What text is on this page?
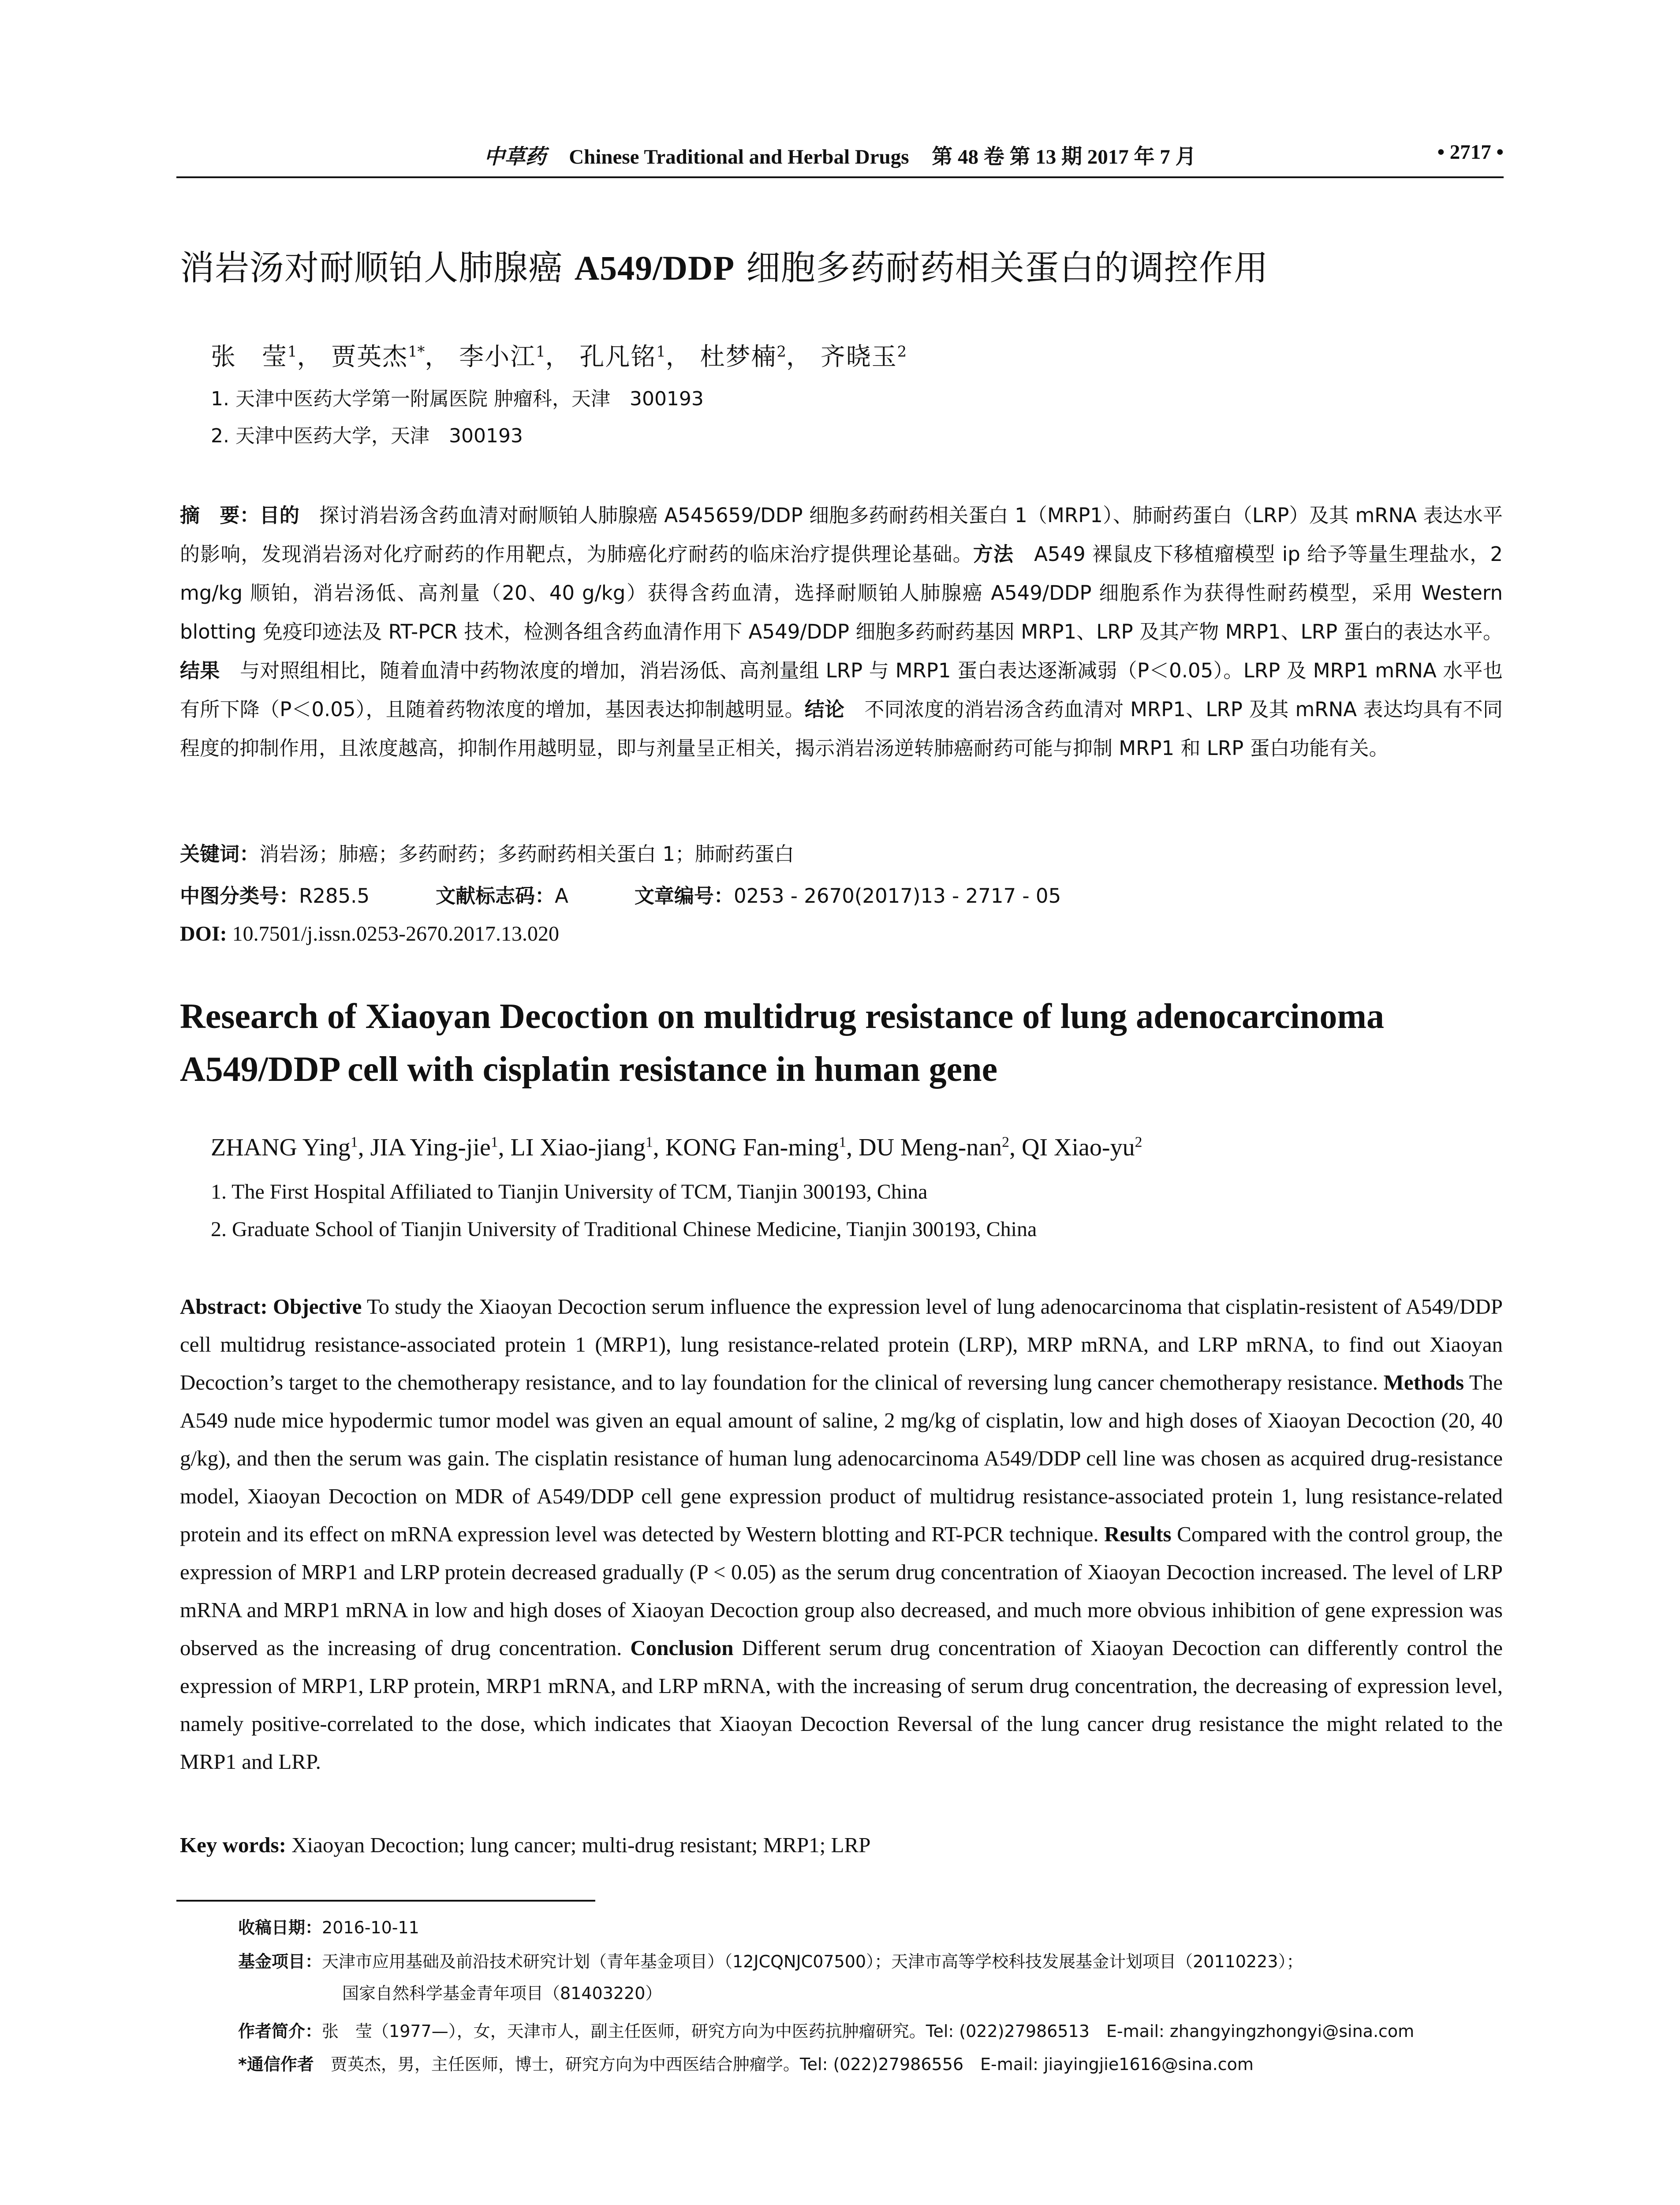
中草药 Chinese Traditional and Herbal Drugs 第 48 卷 第 13 期 2017 年 7 月	• 2717 •
消岩汤对耐顺铂人肺腺癌 A549/DDP 细胞多药耐药相关蛋白的调控作用
张　莹$^1$， 贾英杰$^{1*}$， 李小江$^1$， 孔凡铭$^1$， 杜梦楠$^2$， 齐晓玉$^2$
1. 天津中医药大学第一附属医院 肿瘤科，天津　300193
2. 天津中医药大学，天津　300193
摘　要：目的　探讨消岩汤含药血清对耐顺铂人肺腺癌 A545659/DDP 细胞多药耐药相关蛋白 1（MRP1）、肺耐药蛋白（LRP）及其 mRNA 表达水平的影响，发现消岩汤对化疗耐药的作用靶点，为肺癌化疗耐药的临床治疗提供理论基础。方法　A549 裸鼠皮下移植瘤模型 ip 给予等量生理盐水，2 mg/kg 顺铂，消岩汤低、高剂量（20、40 g/kg）获得含药血清，选择耐顺铂人肺腺癌 A549/DDP 细胞系作为获得性耐药模型，采用 Western blotting 免疫印迹法及 RT-PCR 技术，检测各组含药血清作用下 A549/DDP 细胞多药耐药基因 MRP1、LRP 及其产物 MRP1、LRP 蛋白的表达水平。结果　与对照组相比，随着血清中药物浓度的增加，消岩汤低、高剂量组 LRP 与 MRP1 蛋白表达逐渐减弱（P＜0.05）。LRP 及 MRP1 mRNA 水平也有所下降（P＜0.05），且随着药物浓度的增加，基因表达抑制越明显。结论　不同浓度的消岩汤含药血清对 MRP1、LRP 及其 mRNA 表达均具有不同程度的抑制作用，且浓度越高，抑制作用越明显，即与剂量呈正相关，揭示消岩汤逆转肺癌耐药可能与抑制 MRP1 和 LRP 蛋白功能有关。
关键词：消岩汤；肺癌；多药耐药；多药耐药相关蛋白 1；肺耐药蛋白
中图分类号：R285.5	文献标志码：A	文章编号：0253 - 2670(2017)13 - 2717 - 05
DOI: 10.7501/j.issn.0253-2670.2017.13.020
Research of Xiaoyan Decoction on multidrug resistance of lung adenocarcinoma A549/DDP cell with cisplatin resistance in human gene
ZHANG Ying$^1$, JIA Ying-jie$^1$, LI Xiao-jiang$^1$, KONG Fan-ming$^1$, DU Meng-nan$^2$, QI Xiao-$yu^2$
1. The First Hospital Affiliated to Tianjin University of TCM, Tianjin 300193, China
2. Graduate School of Tianjin University of Traditional Chinese Medicine, Tianjin 300193, China
Abstract: Objective To study the Xiaoyan Decoction serum influence the expression level of lung adenocarcinoma that cisplatin-resistent of A549/DDP cell multidrug resistance-associated protein 1 (MRP1), lung resistance-related protein (LRP), MRP mRNA, and LRP mRNA, to find out Xiaoyan Decoction’s target to the chemotherapy resistance, and to lay foundation for the clinical of reversing lung cancer chemotherapy resistance. Methods The A549 nude mice hypodermic tumor model was given an equal amount of saline, 2 mg/kg of cisplatin, low and high doses of Xiaoyan Decoction (20, 40 g/kg), and then the serum was gain. The cisplatin resistance of human lung adenocarcinoma A549/DDP cell line was chosen as acquired drug-resistance model, Xiaoyan Decoction on MDR of A549/DDP cell gene expression product of multidrug resistance-associated protein 1, lung resistance-related protein and its effect on mRNA expression level was detected by Western blotting and RT-PCR technique. Results Compared with the control group, the expression of MRP1 and LRP protein decreased gradually (P < 0.05) as the serum drug concentration of Xiaoyan Decoction increased. The level of LRP mRNA and MRP1 mRNA in low and high doses of Xiaoyan Decoction group also decreased, and much more obvious inhibition of gene expression was observed as the increasing of drug concentration. Conclusion Different serum drug concentration of Xiaoyan Decoction can differently control the expression of MRP1, LRP protein, MRP1 mRNA, and LRP mRNA, with the increasing of serum drug concentration, the decreasing of expression level, namely positive-correlated to the dose, which indicates that Xiaoyan Decoction Reversal of the lung cancer drug resistance the might related to the MRP1 and LRP.
Key words: Xiaoyan Decoction; lung cancer; multi-drug resistant; MRP1; LRP
收稿日期：2016-10-11
基金项目：天津市应用基础及前沿技术研究计划（青年基金项目）（12JCQNJC07500）；天津市高等学校科技发展基金计划项目（20110223）；
国家自然科学基金青年项目（81403220）
作者简介：张　莹（1977—），女，天津市人，副主任医师，研究方向为中医药抗肿瘤研究。Tel: (022)27986513　E-mail: zhangyingzhongyi@sina.com
*通信作者　贾英杰，男，主任医师，博士，研究方向为中西医结合肿瘤学。Tel: (022)27986556　E-mail: jiayingjie1616@sina.com
